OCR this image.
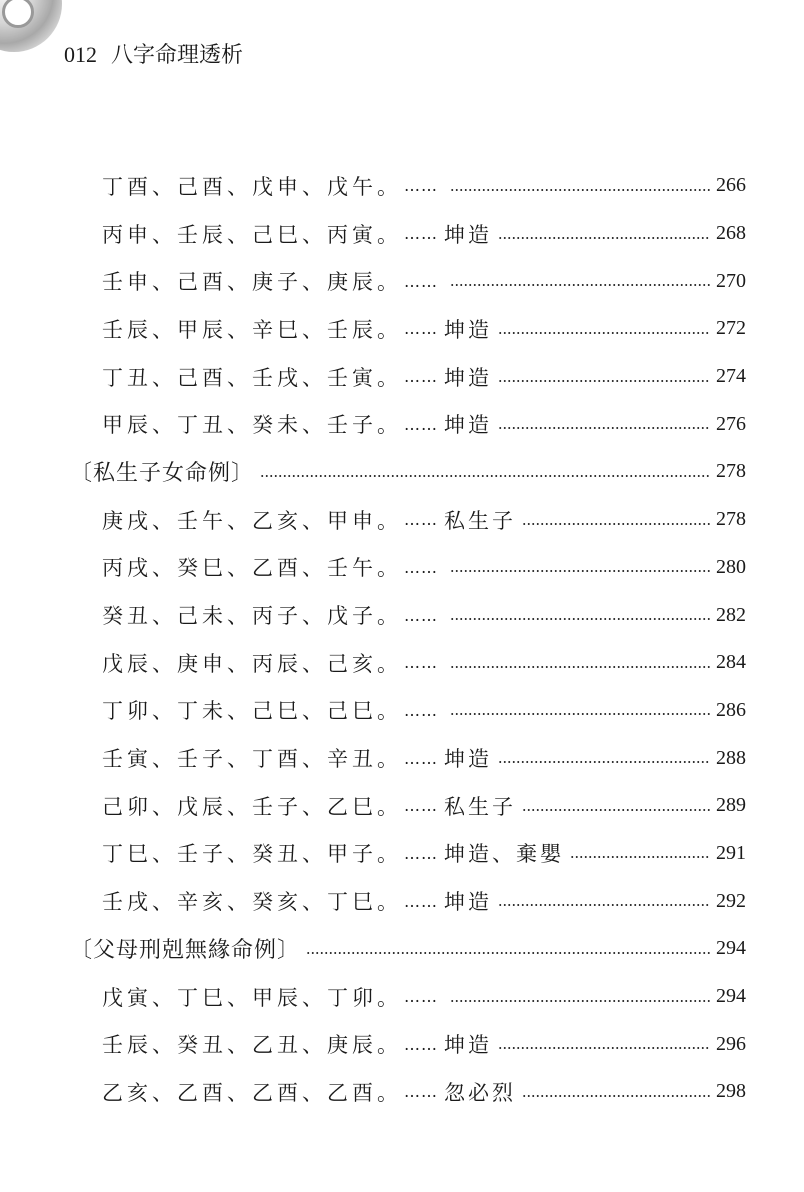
012 八字命理透析
丁酉、己酉、戊申、戊午。 ……	266
丙申、壬辰、己巳、丙寅。 …… 坤造	268
壬申、己酉、庚子、庚辰。 ……	270
壬辰、甲辰、辛巳、壬辰。 …… 坤造	272
丁丑、己酉、壬戌、壬寅。 …… 坤造	274
甲辰、丁丑、癸未、壬子。 …… 坤造	276
〔私生子女命例〕	278
庚戌、壬午、乙亥、甲申。 …… 私生子	278
丙戌、癸巳、乙酉、壬午。 ……	280
癸丑、己未、丙子、戊子。 ……	282
戊辰、庚申、丙辰、己亥。 ……	284
丁卯、丁未、己巳、己巳。 ……	286
壬寅、壬子、丁酉、辛丑。 …… 坤造	288
己卯、戊辰、壬子、乙巳。 …… 私生子	289
丁巳、壬子、癸丑、甲子。 …… 坤造、棄嬰	291
壬戌、辛亥、癸亥、丁巳。 …… 坤造	292
〔父母刑剋無緣命例〕	294
戊寅、丁巳、甲辰、丁卯。 ……	294
壬辰、癸丑、乙丑、庚辰。 …… 坤造	296
乙亥、乙酉、乙酉、乙酉。 …… 忽必烈	298
